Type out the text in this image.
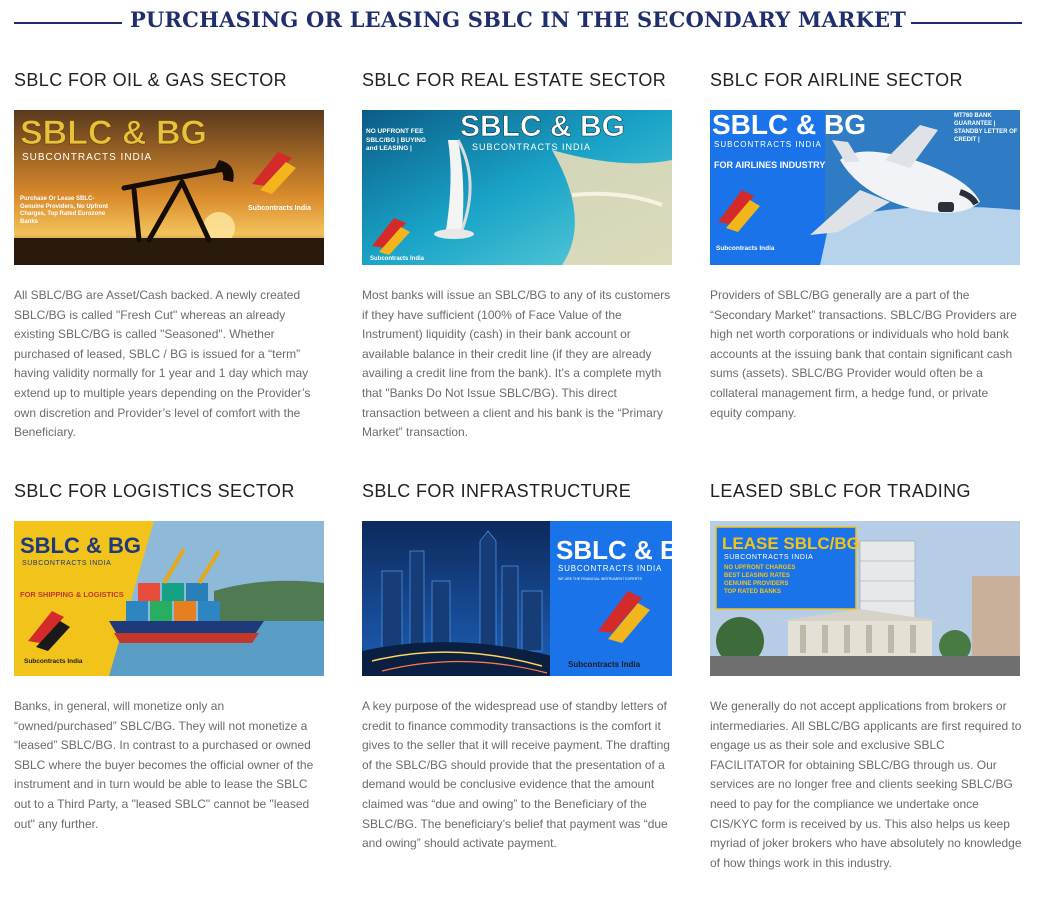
PURCHASING OR LEASING SBLC IN THE SECONDARY MARKET
SBLC FOR OIL & GAS SECTOR
SBLC & BG
SUBCONTRACTS INDIA
Purchase Or Lease SBLC- Genuine Providers, No Upfront Charges, Top Rated Eurozone Banks
Subcontracts India

All SBLC/BG are Asset/Cash backed. A newly created SBLC/BG is called "Fresh Cut" whereas an already existing SBLC/BG is called "Seasoned". Whether purchased of leased, SBLC / BG is issued for a “term” having validity normally for 1 year and 1 day which may extend up to multiple years depending on the Provider’s own discretion and Provider’s level of comfort with the Beneficiary.

SBLC FOR REAL ESTATE SECTOR
SBLC & BG
SUBCONTRACTS INDIA
NO UPFRONT FEE SBLC/BG | BUYING and LEASING |
Subcontracts India

Most banks will issue an SBLC/BG to any of its customers if they have sufficient (100% of Face Value of the Instrument) liquidity (cash) in their bank account or available balance in their credit line (if they are already availing a credit line from the bank). It’s a complete myth that "Banks Do Not Issue SBLC/BG). This direct transaction between a client and his bank is the “Primary Market” transaction.

SBLC FOR AIRLINE SECTOR
SBLC & BG
SUBCONTRACTS INDIA
FOR AIRLINES INDUSTRY
MT760 BANK GUARANTEE | STANDBY LETTER OF CREDIT |
Subcontracts India

Providers of SBLC/BG generally are a part of the “Secondary Market” transactions. SBLC/BG Providers are high net worth corporations or individuals who hold bank accounts at the issuing bank that contain significant cash sums (assets). SBLC/BG Provider would often be a collateral management firm, a hedge fund, or private equity company.

SBLC FOR LOGISTICS SECTOR
SBLC & BG
SUBCONTRACTS INDIA
FOR SHIPPING & LOGISTICS
Subcontracts India

Banks, in general, will monetize only an “owned/purchased” SBLC/BG. They will not monetize a “leased” SBLC/BG. In contrast to a purchased or owned SBLC where the buyer becomes the official owner of the instrument and in turn would be able to lease the SBLC out to a Third Party, a "leased SBLC" cannot be "leased out" any further.

SBLC FOR INFRASTRUCTURE
SBLC & BG
SUBCONTRACTS INDIA
WE ARE THE FINANCIAL INSTRUMENT EXPERTS
Subcontracts India

A key purpose of the widespread use of standby letters of credit to finance commodity transactions is the comfort it gives to the seller that it will receive payment. The drafting of the SBLC/BG should provide that the presentation of a demand would be conclusive evidence that the amount claimed was “due and owing” to the Beneficiary of the SBLC/BG. The beneficiary’s belief that payment was “due and owing” should activate payment.

LEASED SBLC FOR TRADING
LEASE SBLC/BG
SUBCONTRACTS INDIA
NO UPFRONT CHARGES
BEST LEASING RATES
GENUINE PROVIDERS
TOP RATED BANKS

We generally do not accept applications from brokers or intermediaries. All SBLC/BG applicants are first required to engage us as their sole and exclusive SBLC FACILITATOR for obtaining SBLC/BG through us. Our services are no longer free and clients seeking SBLC/BG need to pay for the compliance we undertake once CIS/KYC form is received by us. This also helps us keep myriad of joker brokers who have absolutely no knowledge of how things work in this industry.
